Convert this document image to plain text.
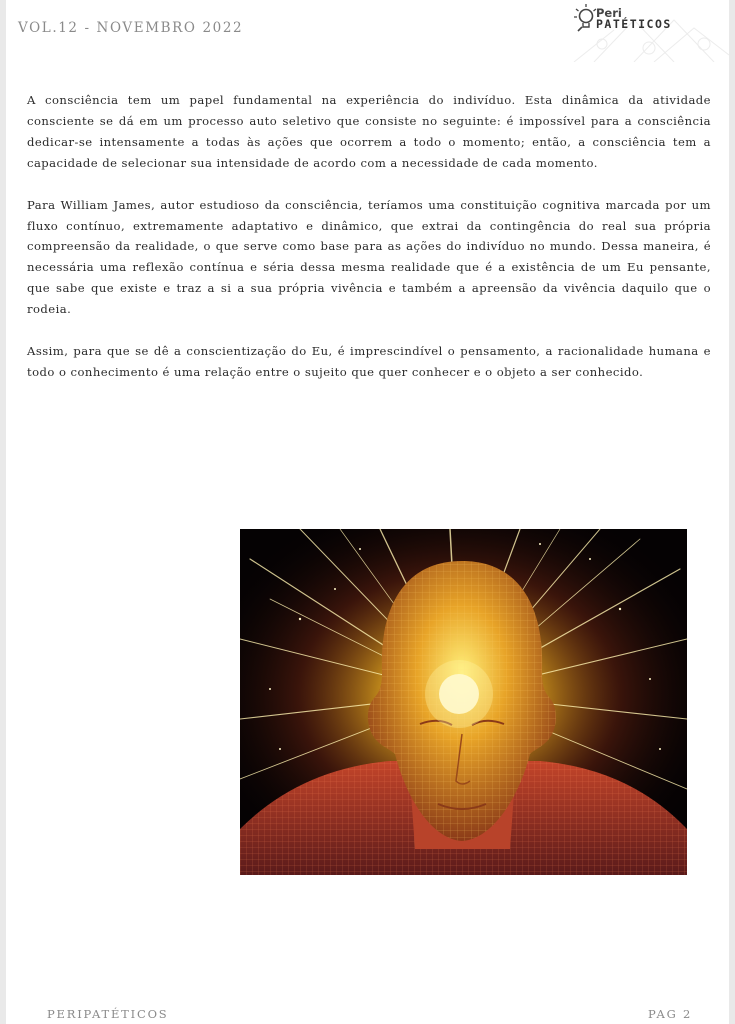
VOL.12 - NOVEMBRO 2022
Peri
PATÉTICOS

A consciência tem um papel fundamental na experiência do indivíduo. Esta dinâmica da atividade consciente se dá em um processo auto seletivo que consiste no seguinte: é impossível para a consciência dedicar-se intensamente a todas às ações que ocorrem a todo o momento; então, a consciência tem a capacidade de selecionar sua intensidade de acordo com a necessidade de cada momento.

Para William James, autor estudioso da consciência, teríamos uma constituição cognitiva marcada por um fluxo contínuo, extremamente adaptativo e dinâmico, que extrai da contingência do real sua própria compreensão da realidade, o que serve como base para as ações do indivíduo no mundo. Dessa maneira, é necessária uma reflexão contínua e séria dessa mesma realidade que é a existência de um Eu pensante, que sabe que existe e traz a si a sua própria vivência e também a apreensão da vivência daquilo que o rodeia.

Assim, para que se dê a conscientização do Eu, é imprescindível o pensamento, a racionalidade humana e todo o conhecimento é uma relação entre o sujeito que quer conhecer e o objeto a ser conhecido.

PERIPATÉTICOS	PAG 2
